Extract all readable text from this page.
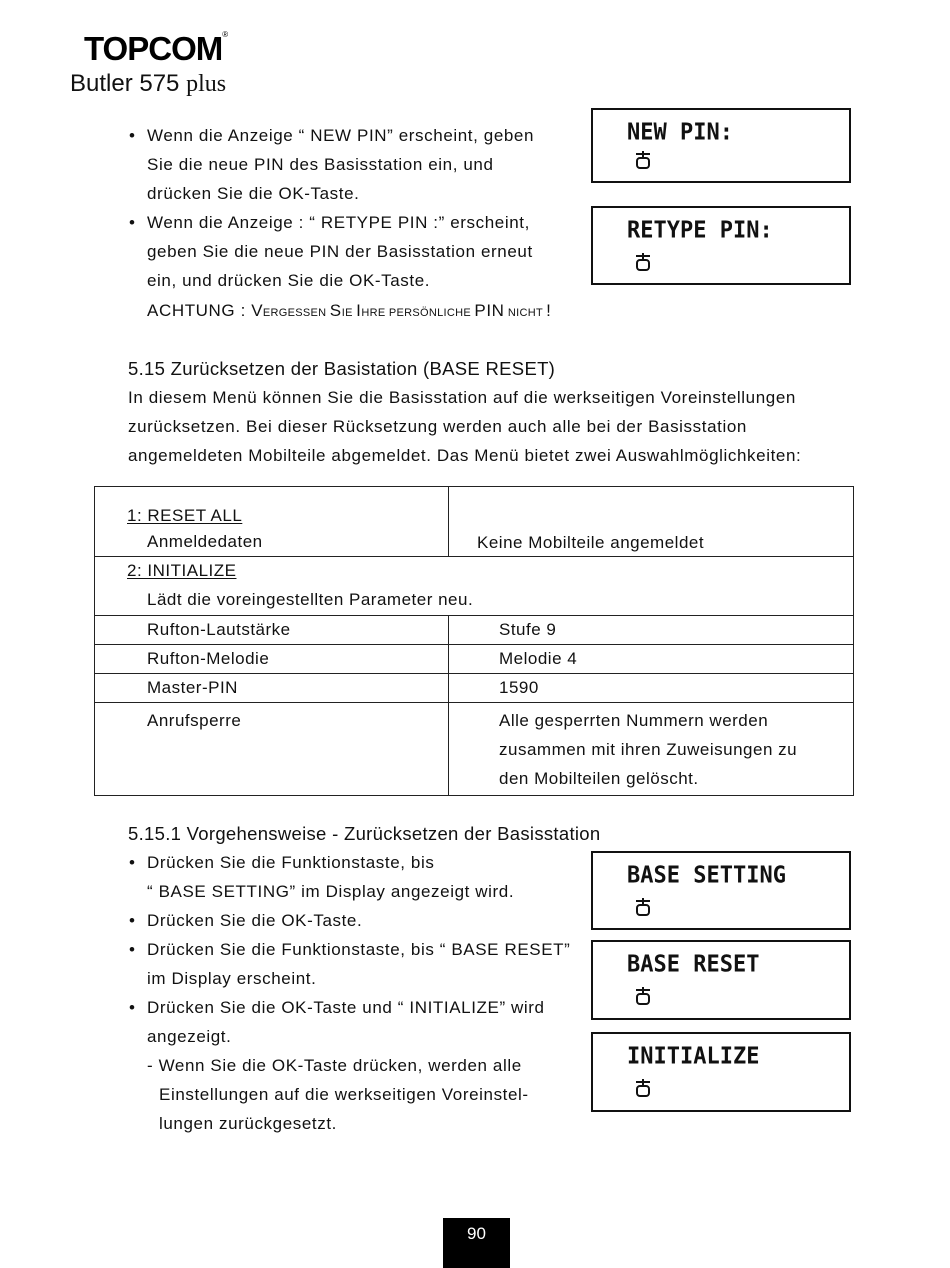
TOPCOM®
Butler 575 plus
• Wenn die Anzeige “ NEW PIN” erscheint, geben
Sie die neue PIN des Basisstation ein, und
drücken Sie die OK-Taste.
• Wenn die Anzeige : “ RETYPE PIN :” erscheint,
geben Sie die neue PIN der Basisstation erneut
ein, und drücken Sie die OK-Taste.
ACHTUNG : VERGESSEN SIE IHRE PERSÖNLICHE PIN NICHT !
NEW PIN:
RETYPE PIN:
5.15 Zurücksetzen der Basistation (BASE RESET)
In diesem Menü können Sie die Basisstation auf die werkseitigen Voreinstellungen
zurücksetzen. Bei dieser Rücksetzung werden auch alle bei der Basisstation
angemeldeten Mobilteile abgemeldet. Das Menü bietet zwei Auswahlmöglichkeiten:
1: RESET ALL
Anmeldedaten	Keine Mobilteile angemeldet

2: INITIALIZE
Lädt die voreingestellten Parameter neu.	

Rufton-Lautstärke	Stufe 9

Rufton-Melodie	Melodie 4

Master-PIN	1590

Anrufsperre	Alle gesperrten Nummern werden
zusammen mit ihren Zuweisungen zu
den Mobilteilen gelöscht.
5.15.1 Vorgehensweise - Zurücksetzen der Basisstation
• Drücken Sie die Funktionstaste, bis
“ BASE SETTING” im Display angezeigt wird.
• Drücken Sie die OK-Taste.
• Drücken Sie die Funktionstaste, bis “ BASE RESET”
im Display erscheint.
• Drücken Sie die OK-Taste und “ INITIALIZE” wird
angezeigt.
- Wenn Sie die OK-Taste drücken, werden alle
Einstellungen auf die werkseitigen Voreinstel-
lungen zurückgesetzt.
BASE SETTING
BASE RESET
INITIALIZE
90
